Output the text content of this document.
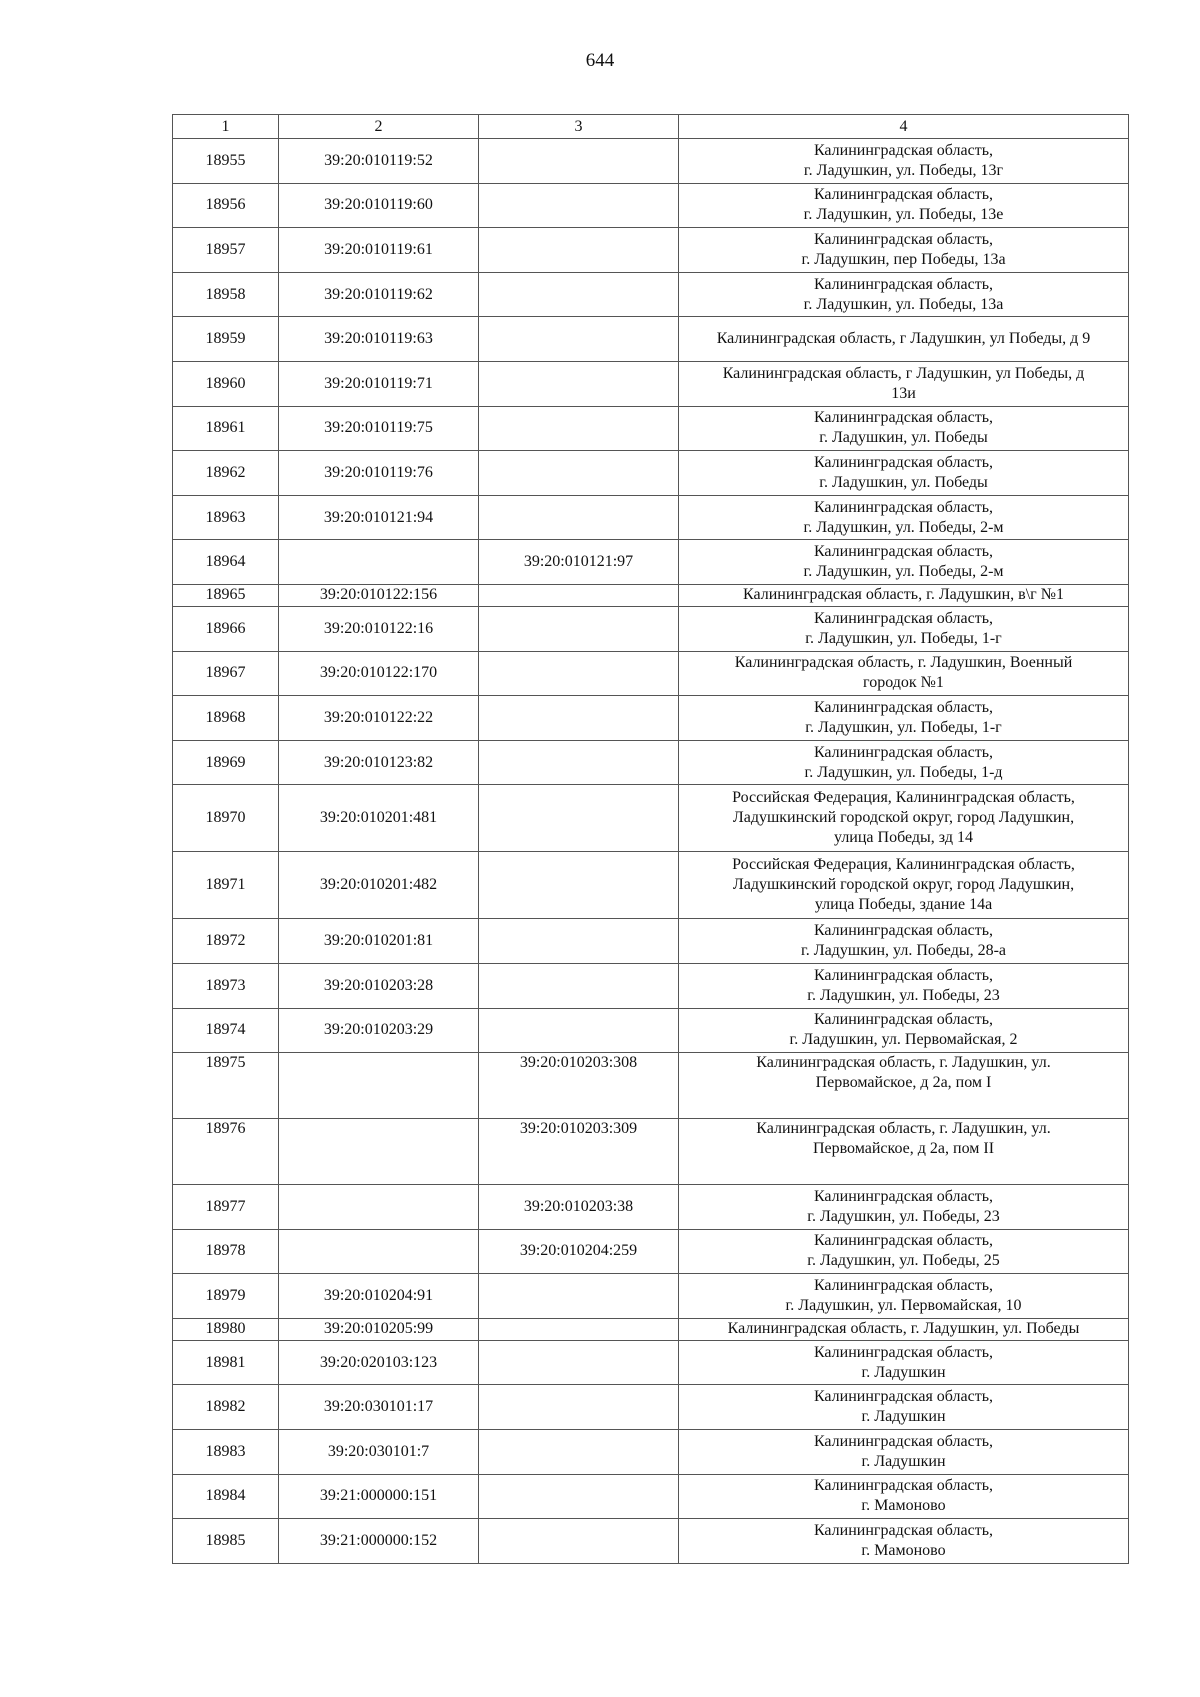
644
1	2	3	4
18955	39:20:010119:52		Калининградская область,
г. Ладушкин, ул. Победы, 13г
18956	39:20:010119:60		Калининградская область,
г. Ладушкин, ул. Победы, 13е
18957	39:20:010119:61		Калининградская область,
г. Ладушкин, пер Победы, 13а
18958	39:20:010119:62		Калининградская область,
г. Ладушкин, ул. Победы, 13а
18959	39:20:010119:63		Калининградская область, г Ладушкин, ул Победы, д 9
18960	39:20:010119:71		Калининградская область, г Ладушкин, ул Победы, д
13и
18961	39:20:010119:75		Калининградская область,
г. Ладушкин, ул. Победы
18962	39:20:010119:76		Калининградская область,
г. Ладушкин, ул. Победы
18963	39:20:010121:94		Калининградская область,
г. Ладушкин, ул. Победы, 2-м
18964		39:20:010121:97	Калининградская область,
г. Ладушкин, ул. Победы, 2-м
18965	39:20:010122:156		Калининградская область, г. Ладушкин, в\г №1
18966	39:20:010122:16		Калининградская область,
г. Ладушкин, ул. Победы, 1-г
18967	39:20:010122:170		Калининградская область, г. Ладушкин, Военный
городок №1
18968	39:20:010122:22		Калининградская область,
г. Ладушкин, ул. Победы, 1-г
18969	39:20:010123:82		Калининградская область,
г. Ладушкин, ул. Победы, 1-д
18970	39:20:010201:481		Российская Федерация, Калининградская область,
Ладушкинский городской округ, город Ладушкин,
улица Победы, зд 14
18971	39:20:010201:482		Российская Федерация, Калининградская область,
Ладушкинский городской округ, город Ладушкин,
улица Победы, здание 14а
18972	39:20:010201:81		Калининградская область,
г. Ладушкин, ул. Победы, 28-а
18973	39:20:010203:28		Калининградская область,
г. Ладушкин, ул. Победы, 23
18974	39:20:010203:29		Калининградская область,
г. Ладушкин, ул. Первомайская, 2
18975		39:20:010203:308	Калининградская область, г. Ладушкин, ул.
Первомайское, д 2а, пом I
18976		39:20:010203:309	Калининградская область, г. Ладушкин, ул.
Первомайское, д 2а, пом II
18977		39:20:010203:38	Калининградская область,
г. Ладушкин, ул. Победы, 23
18978		39:20:010204:259	Калининградская область,
г. Ладушкин, ул. Победы, 25
18979	39:20:010204:91		Калининградская область,
г. Ладушкин, ул. Первомайская, 10
18980	39:20:010205:99		Калининградская область, г. Ладушкин, ул. Победы
18981	39:20:020103:123		Калининградская область,
г. Ладушкин
18982	39:20:030101:17		Калининградская область,
г. Ладушкин
18983	39:20:030101:7		Калининградская область,
г. Ладушкин
18984	39:21:000000:151		Калининградская область,
г. Мамоново
18985	39:21:000000:152		Калининградская область,
г. Мамоново
